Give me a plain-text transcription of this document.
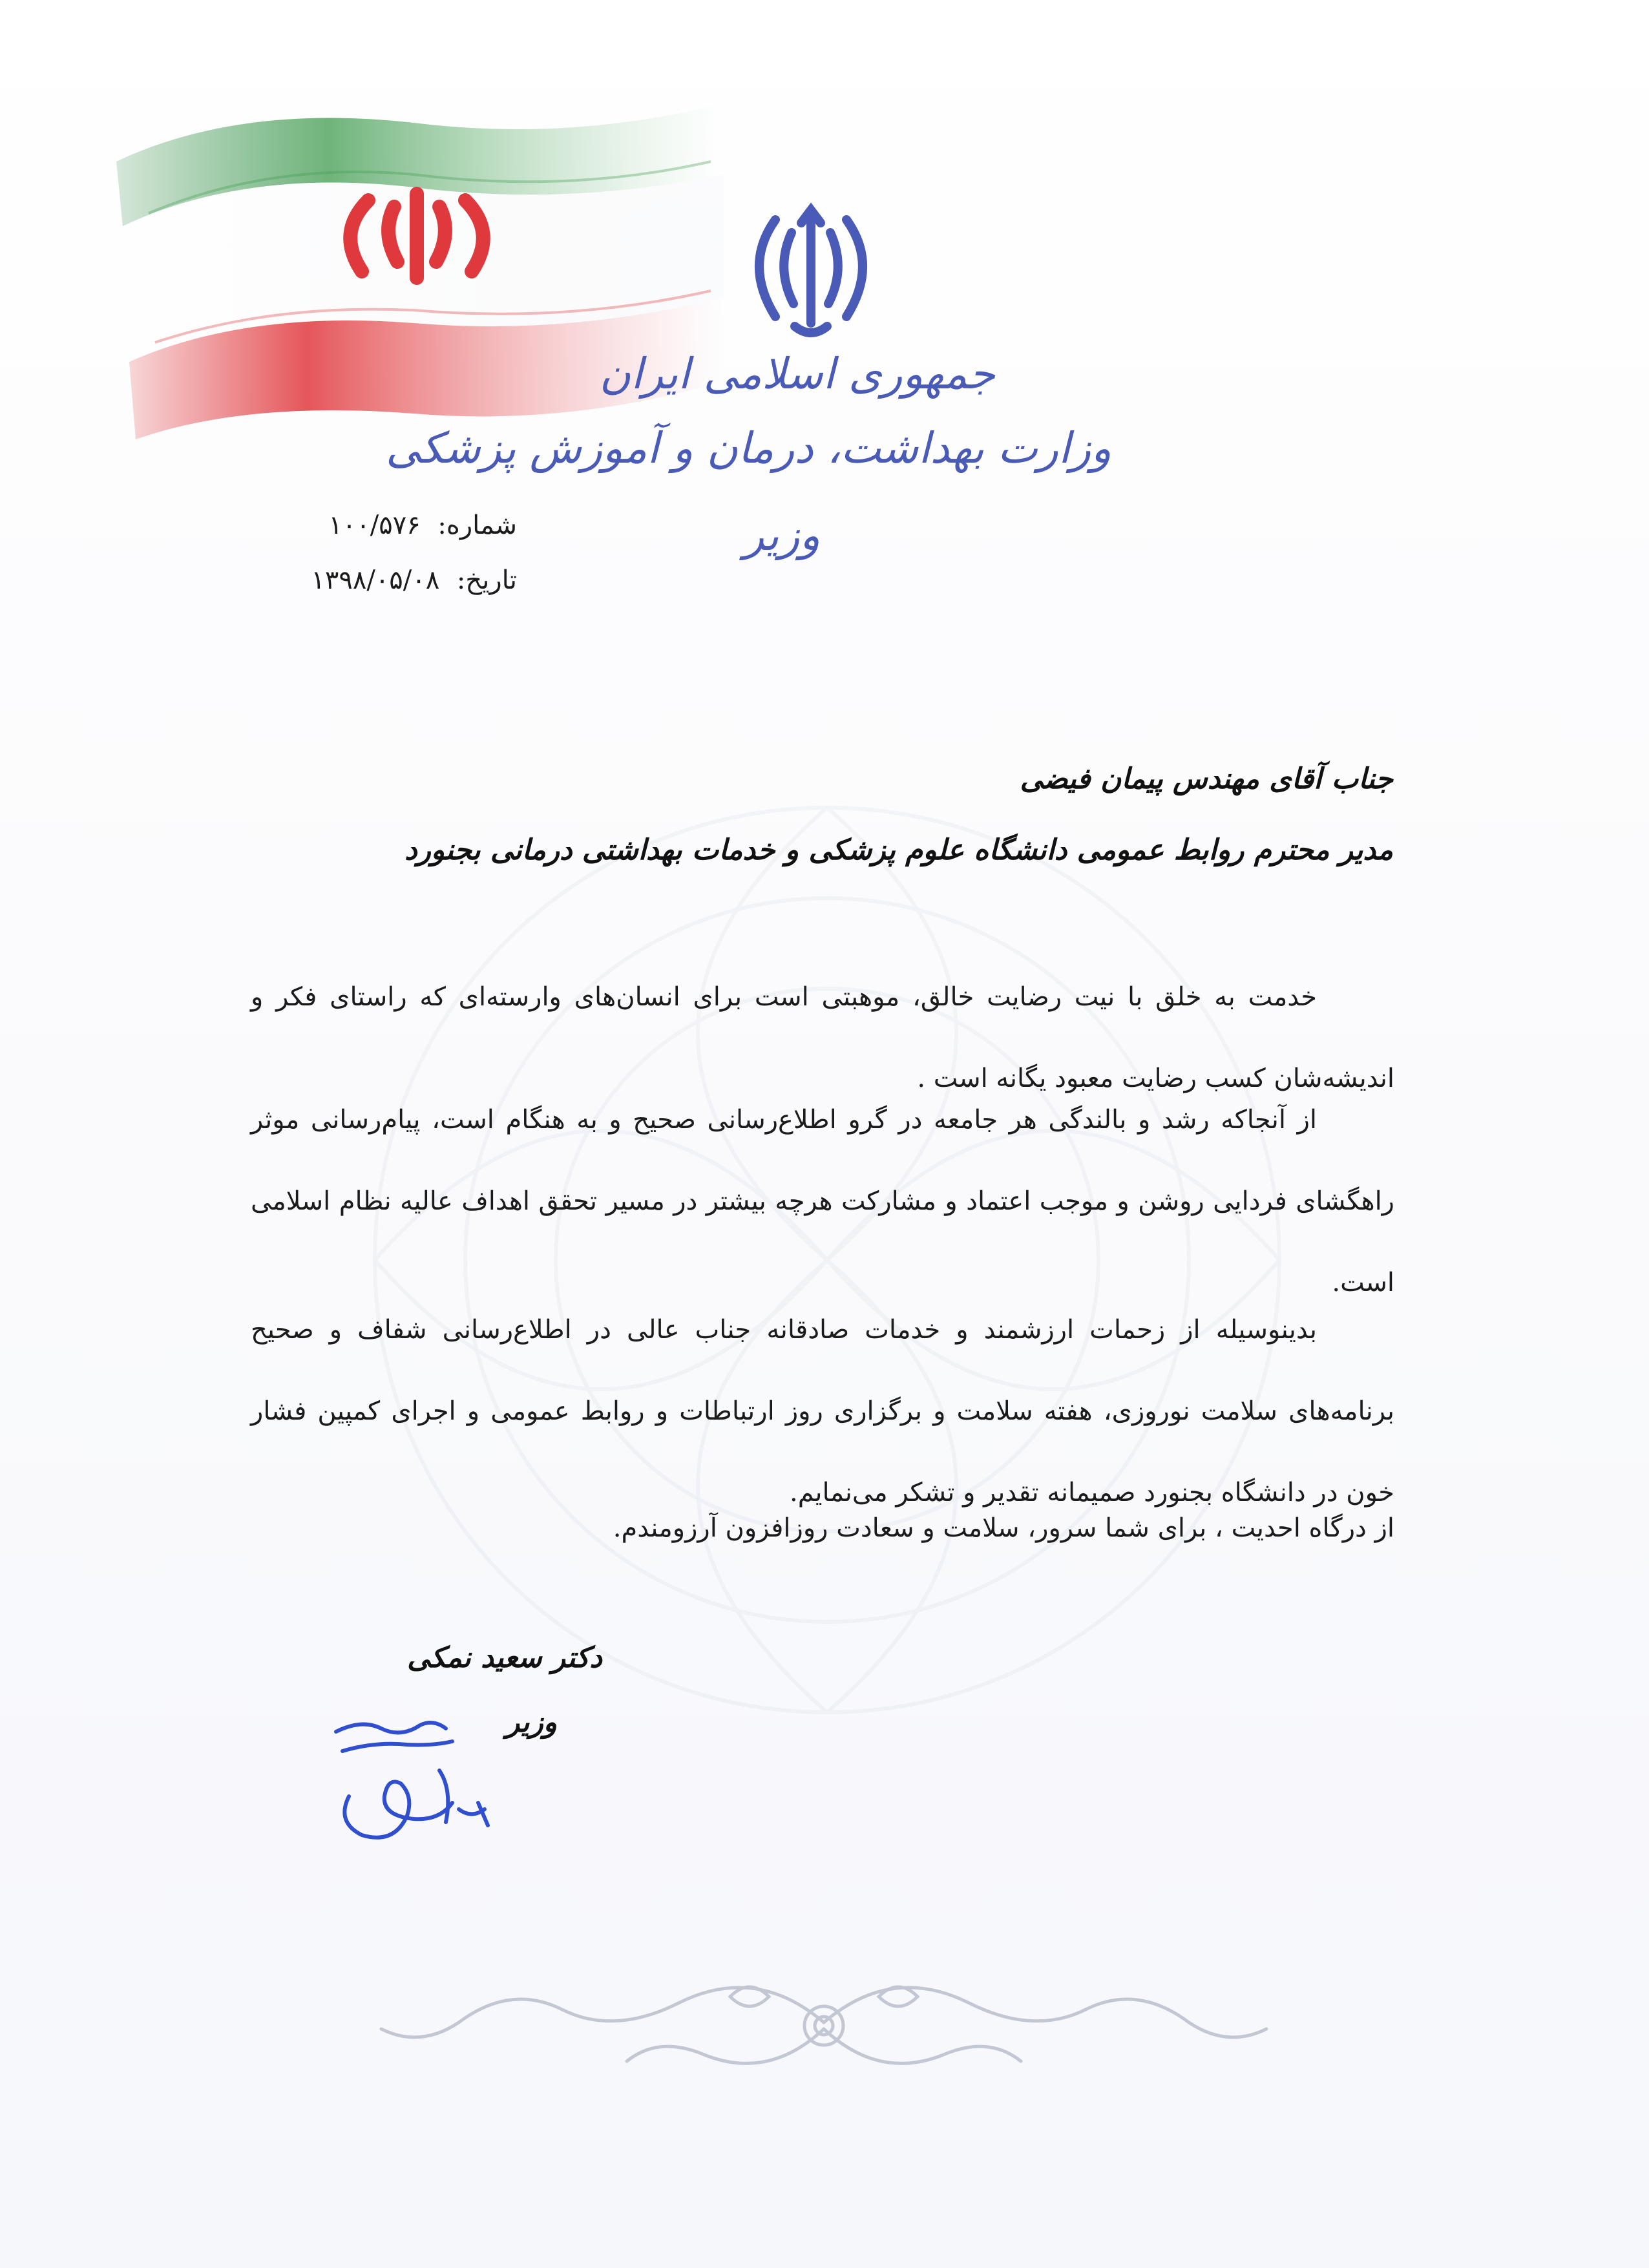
جمهوری اسلامی ایران
وزارت بهداشت، درمان و آموزش پزشکی
وزیر
شماره: ۱۰۰/۵۷۶
تاریخ: ۱۳۹۸/۰۵/۰۸
جناب آقای مهندس پیمان فیضی
مدیر محترم روابط عمومی دانشگاه علوم پزشکی و خدمات بهداشتی درمانی بجنورد
خدمت به خلق با نیت رضایت خالق، موهبتی است برای انسان‌های وارسته‌ای که راستای فکر و اندیشه‌شان کسب رضایت معبود یگانه است .
از آنجاکه رشد و بالندگی هر جامعه در گرو اطلاع‌رسانی صحیح و به هنگام است، پیام‌رسانی موثر راهگشای فردایی روشن و موجب اعتماد و مشارکت هرچه بیشتر در مسیر تحقق اهداف عالیه نظام اسلامی است.
بدینوسیله از زحمات ارزشمند و خدمات صادقانه جناب عالی در اطلاع‌رسانی شفاف و صحیح برنامه‌های سلامت نوروزی، هفته سلامت و برگزاری روز ارتباطات و روابط عمومی و اجرای کمپین فشار خون در دانشگاه بجنورد صمیمانه تقدیر و تشکر می‌نمایم.
از درگاه احدیت ، برای شما سرور، سلامت و سعادت روزافزون آرزومندم.
دکتر سعید نمکی
وزیر
